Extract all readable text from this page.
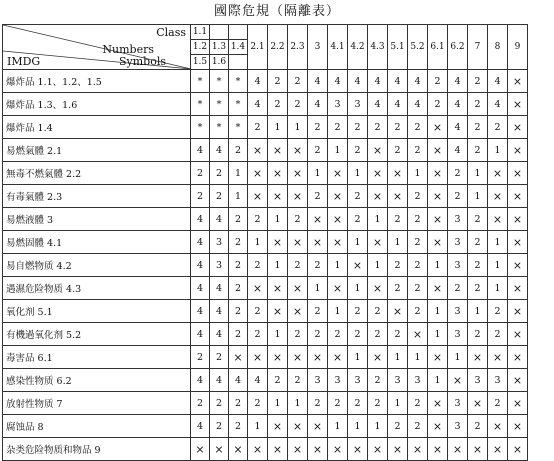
國際危規（隔離表）
Class
Numbers
Symbols
IMDG	1.1			2.1	2.2	2.3	3	4.1	4.2	4.3	5.1	5.2	6.1	6.2	7	8	9
	1.2	1.3	1.4														
	1.5	1.6															
爆炸品 1.1、1.2、1.5	*	*	*	4	2	2	4	4	4	4	4	4	2	4	2	4	×
爆炸品 1.3、1.6	*	*	*	4	2	2	4	3	3	4	4	4	2	4	2	4	×
爆炸品 1.4	*	*	*	2	1	1	2	2	2	2	2	2	×	4	2	2	×
易燃氣體 2.1	4	4	2	×	×	×	2	1	2	×	2	2	×	4	2	1	×
無毒不燃氣體 2.2	2	2	1	×	×	×	1	×	1	×	×	1	×	2	1	×	×
有毒氣體 2.3	2	2	1	×	×	×	2	×	2	×	×	2	×	2	1	×	×
易燃液體 3	4	4	2	2	1	2	×	×	2	1	2	2	×	3	2	×	×
易燃固體 4.1	4	3	2	1	×	×	×	×	1	×	1	2	×	3	2	1	×
易自燃物质 4.2	4	3	2	2	1	2	2	1	×	1	2	2	1	3	2	1	×
遇濕危险物质 4.3	4	4	2	×	×	×	1	×	1	×	2	2	×	2	2	1	×
氧化剂 5.1	4	4	2	2	×	×	2	1	2	2	×	2	1	3	1	2	×
有機過氧化剂 5.2	4	4	2	2	1	2	2	2	2	2	2	×	1	3	2	2	×
毒害品 6.1	2	2	×	×	×	×	×	×	1	×	1	1	×	1	×	×	×
感染性物质 6.2	4	4	4	4	2	2	3	3	3	2	3	3	1	×	3	3	×
放射性物质 7	2	2	2	2	1	1	2	2	2	2	1	2	×	3	×	2	×
腐蚀品 8	4	2	2	1	×	×	×	1	1	1	2	2	×	3	2	×	×
杂类危险物质和物品 9	×	×	×	×	×	×	×	×	×	×	×	×	×	×	×	×	×
